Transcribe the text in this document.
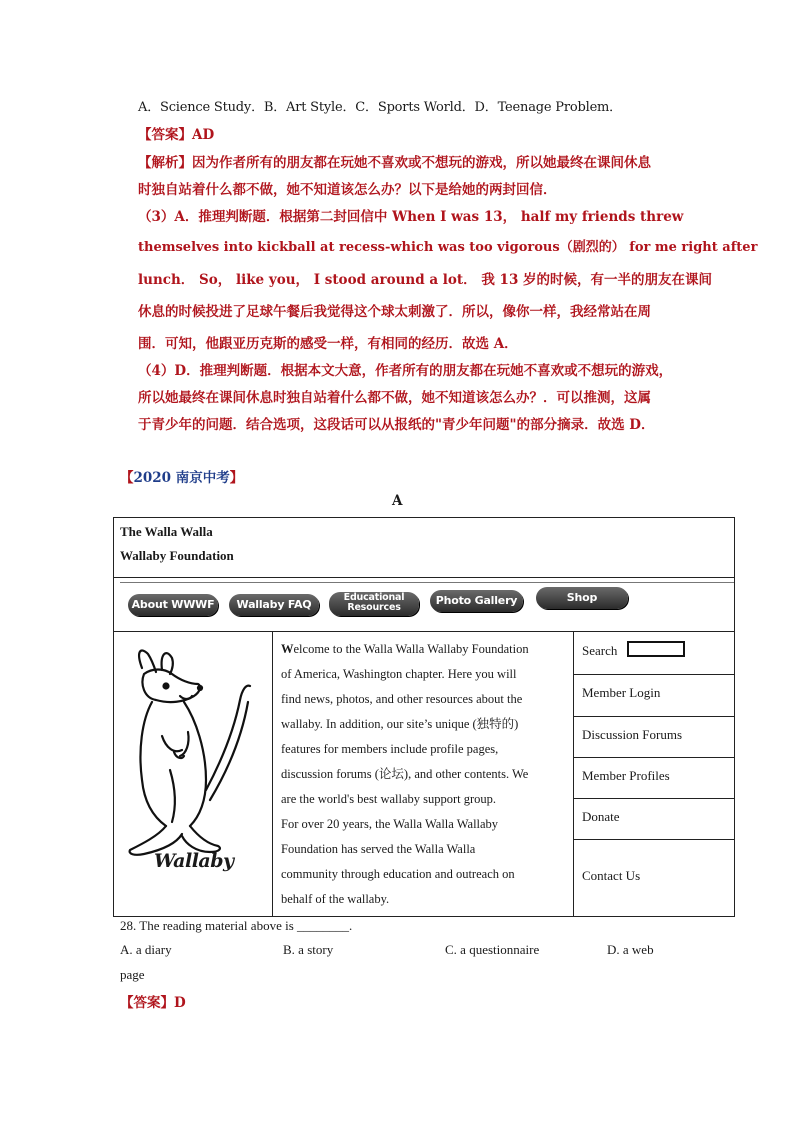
A．Science Study．B．Art Style．C．Sports World．D．Teenage Problem．
【答案】AD
【解析】因为作者所有的朋友都在玩她不喜欢或不想玩的游戏，所以她最终在课间休息
时独自站着什么都不做，她不知道该怎么办？以下是给她的两封回信．
（3）A．推理判断题．根据第二封回信中 When I was 13， half my friends threw
themselves into kickball at recess-which was too vigorous（剧烈的） for me right after
lunch． So， like you， I stood around a lot． 我 13 岁的时候，有一半的朋友在课间
休息的时候投进了足球午餐后我觉得这个球太刺激了．所以，像你一样，我经常站在周
围．可知，他跟亚历克斯的感受一样，有相同的经历．故选 A．
（4）D．推理判断题．根据本文大意，作者所有的朋友都在玩她不喜欢或不想玩的游戏，
所以她最终在课间休息时独自站着什么都不做，她不知道该怎么办？．可以推测，这属
于青少年的问题．结合选项，这段话可以从报纸的"青少年问题"的部分摘录．故选 D．
【2020 南京中考】
A
The Walla Walla
Wallaby Foundation
About WWWF	Wallaby FAQ
Educational
Resources
Photo Gallery	Shop
Wallaby

Welcome to the Walla Walla Wallaby Foundation

of America, Washington chapter. Here you will

find news, photos, and other resources about the

wallaby. In addition, our site’s unique (独特的)

features for members include profile pages,

discussion forums (论坛), and other contents. We

are the world's best wallaby support group.

For over 20 years, the Walla Walla Wallaby

Foundation has served the Walla Walla

community through education and outreach on

behalf of the wallaby.

Search
Member Login
Discussion Forums
Member Profiles
Donate
Contact Us
28. The reading material above is ________.
A. a diary	B. a story	C. a questionnaire	D. a web
page
【答案】D
